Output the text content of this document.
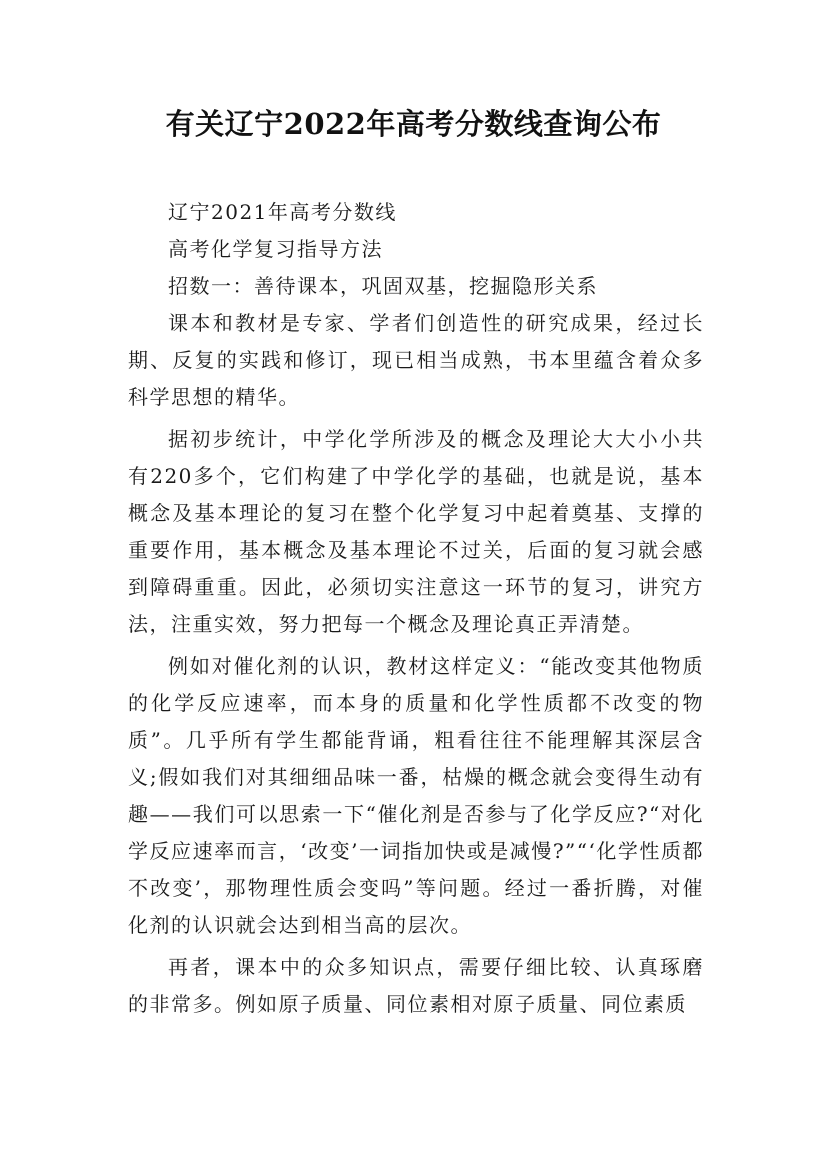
有关辽宁2022年高考分数线查询公布

辽宁2021年高考分数线

高考化学复习指导方法

招数一：善待课本，巩固双基，挖掘隐形关系

课本和教材是专家、学者们创造性的研究成果，经过长期、反复的实践和修订，现已相当成熟，书本里蕴含着众多科学思想的精华。

据初步统计，中学化学所涉及的概念及理论大大小小共有220多个，它们构建了中学化学的基础，也就是说，基本概念及基本理论的复习在整个化学复习中起着奠基、支撑的重要作用，基本概念及基本理论不过关，后面的复习就会感到障碍重重。因此，必须切实注意这一环节的复习，讲究方法，注重实效，努力把每一个概念及理论真正弄清楚。

例如对催化剂的认识，教材这样定义：“能改变其他物质的化学反应速率，而本身的质量和化学性质都不改变的物质”。几乎所有学生都能背诵，粗看往往不能理解其深层含义;假如我们对其细细品味一番，枯燥的概念就会变得生动有趣——我们可以思索一下“催化剂是否参与了化学反应?“对化学反应速率而言，‘改变’一词指加快或是减慢?”“‘化学性质都不改变’，那物理性质会变吗”等问题。经过一番折腾，对催化剂的认识就会达到相当高的层次。

再者，课本中的众多知识点，需要仔细比较、认真琢磨的非常多。例如原子质量、同位素相对原子质量、同位素质
